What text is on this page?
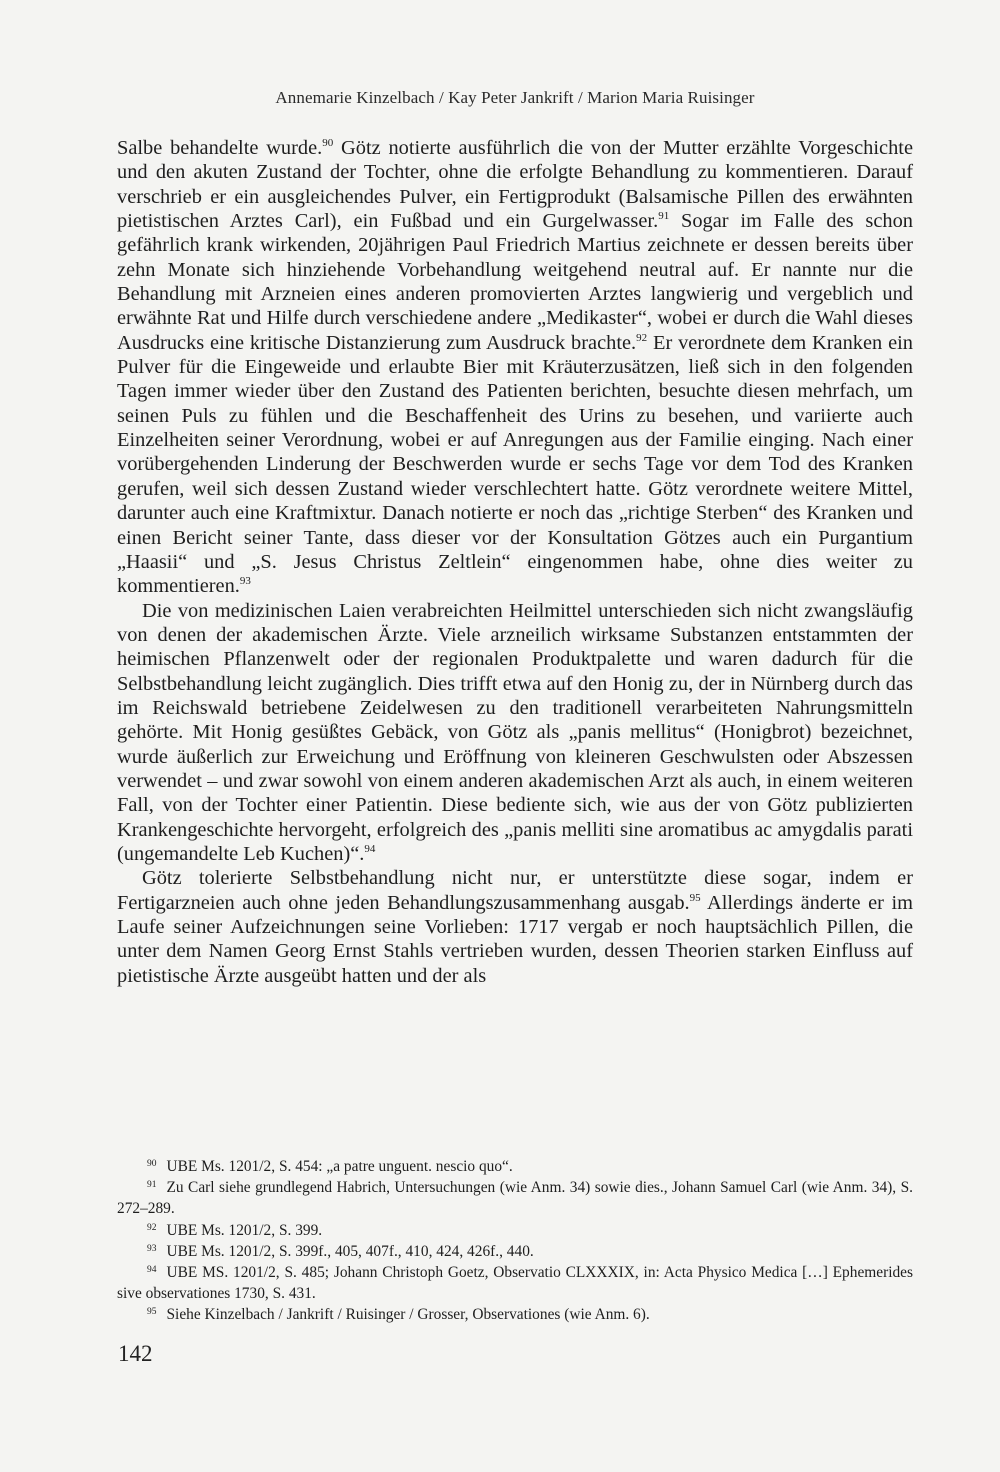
Annemarie Kinzelbach / Kay Peter Jankrift / Marion Maria Ruisinger

Salbe behandelte wurde.$^{90}$ Götz notierte ausführlich die von der Mutter erzählte Vorgeschichte und den akuten Zustand der Tochter, ohne die erfolgte Behandlung zu kommentieren. Darauf verschrieb er ein ausgleichendes Pulver, ein Fertigprodukt (Balsamische Pillen des erwähnten pietistischen Arztes Carl), ein Fußbad und ein Gurgelwasser.$^{91}$ Sogar im Falle des schon gefährlich krank wirkenden, 20jährigen Paul Friedrich Martius zeichnete er dessen bereits über zehn Monate sich hinziehende Vorbehandlung weitgehend neutral auf. Er nannte nur die Behandlung mit Arzneien eines anderen promovierten Arztes langwierig und vergeblich und erwähnte Rat und Hilfe durch verschiedene andere „Medikaster“, wobei er durch die Wahl dieses Ausdrucks eine kritische Distanzierung zum Ausdruck brachte.$^{92}$ Er verordnete dem Kranken ein Pulver für die Eingeweide und erlaubte Bier mit Kräuterzusätzen, ließ sich in den folgenden Tagen immer wieder über den Zustand des Patienten berichten, besuchte diesen mehrfach, um seinen Puls zu fühlen und die Beschaffenheit des Urins zu besehen, und variierte auch Einzelheiten seiner Verordnung, wobei er auf Anregungen aus der Familie einging. Nach einer vorübergehenden Linderung der Beschwerden wurde er sechs Tage vor dem Tod des Kranken gerufen, weil sich dessen Zustand wieder verschlechtert hatte. Götz verordnete weitere Mittel, darunter auch eine Kraftmixtur. Danach notierte er noch das „richtige Sterben“ des Kranken und einen Bericht seiner Tante, dass dieser vor der Konsultation Götzes auch ein Purgantium „Haasii“ und „S. Jesus Christus Zeltlein“ eingenommen habe, ohne dies weiter zu kommentieren.$^{93}$

Die von medizinischen Laien verabreichten Heilmittel unterschieden sich nicht zwangsläufig von denen der akademischen Ärzte. Viele arzneilich wirksame Substanzen entstammten der heimischen Pflanzenwelt oder der regionalen Produktpalette und waren dadurch für die Selbstbehandlung leicht zugänglich. Dies trifft etwa auf den Honig zu, der in Nürnberg durch das im Reichswald betriebene Zeidelwesen zu den traditionell verarbeiteten Nahrungsmitteln gehörte. Mit Honig gesüßtes Gebäck, von Götz als „panis mellitus“ (Honigbrot) bezeichnet, wurde äußerlich zur Erweichung und Eröffnung von kleineren Geschwulsten oder Abszessen verwendet – und zwar sowohl von einem anderen akademischen Arzt als auch, in einem weiteren Fall, von der Tochter einer Patientin. Diese bediente sich, wie aus der von Götz publizierten Krankengeschichte hervorgeht, erfolgreich des „panis melliti sine aromatibus ac amygdalis parati (ungemandelte Leb Kuchen)“.$^{94}$

Götz tolerierte Selbstbehandlung nicht nur, er unterstützte diese sogar, indem er Fertigarzneien auch ohne jeden Behandlungszusammenhang ausgab.$^{95}$ Allerdings änderte er im Laufe seiner Aufzeichnungen seine Vorlieben: 1717 vergab er noch hauptsächlich Pillen, die unter dem Namen Georg Ernst Stahls vertrieben wurden, dessen Theorien starken Einfluss auf pietistische Ärzte ausgeübt hatten und der als

$^{90}$ UBE Ms. 1201/2, S. 454: „a patre unguent. nescio quo“.

$^{91}$ Zu Carl siehe grundlegend Habrich, Untersuchungen (wie Anm. 34) sowie dies., Johann Samuel Carl (wie Anm. 34), S. 272–289.

$^{92}$ UBE Ms. 1201/2, S. 399.

$^{93}$ UBE Ms. 1201/2, S. 399f., 405, 407f., 410, 424, 426f., 440.

$^{94}$ UBE MS. 1201/2, S. 485; Johann Christoph Goetz, Observatio CLXXXIX, in: Acta Physico Medica […] Ephemerides sive observationes 1730, S. 431.

$^{95}$ Siehe Kinzelbach / Jankrift / Ruisinger / Grosser, Observationes (wie Anm. 6).

142
